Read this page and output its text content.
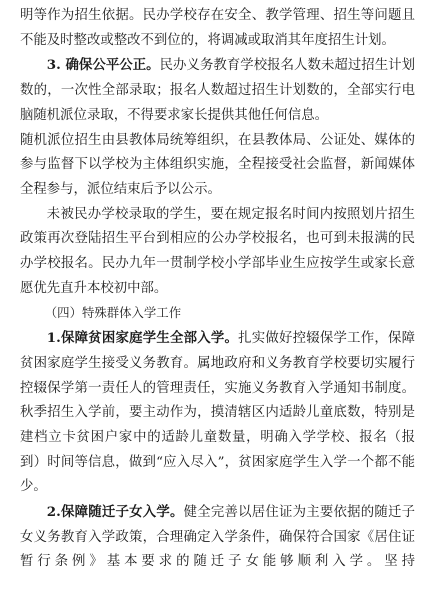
明等作为招生依据。民办学校存在安全、教学管理、招生等问题且不能及时整改或整改不到位的，将调减或取消其年度招生计划。

3. 确保公平公正。民办义务教育学校报名人数未超过招生计划数的，一次性全部录取；报名人数超过招生计划数的，全部实行电脑随机派位录取，不得要求家长提供其他任何信息。

随机派位招生由县教体局统筹组织，在县教体局、公证处、媒体的参与监督下以学校为主体组织实施，全程接受社会监督，新闻媒体全程参与，派位结束后予以公示。

未被民办学校录取的学生，要在规定报名时间内按照划片招生政策再次登陆招生平台到相应的公办学校报名，也可到未报满的民办学校报名。民办九年一贯制学校小学部毕业生应按学生或家长意愿优先直升本校初中部。

（四）特殊群体入学工作

1.保障贫困家庭学生全部入学。扎实做好控辍保学工作，保障贫困家庭学生接受义务教育。属地政府和义务教育学校要切实履行控辍保学第一责任人的管理责任，实施义务教育入学通知书制度。秋季招生入学前，要主动作为，摸清辖区内适龄儿童底数，特别是建档立卡贫困户家中的适龄儿童数量，明确入学学校、报名（报到）时间等信息，做到“应入尽入”，贫困家庭学生入学一个都不能少。

2.保障随迁子女入学。健全完善以居住证为主要依据的随迁子女义务教育入学政策，合理确定入学条件，确保符合国家《居住证暂行条例》基本要求的随迁子女能够顺利入学。坚持
